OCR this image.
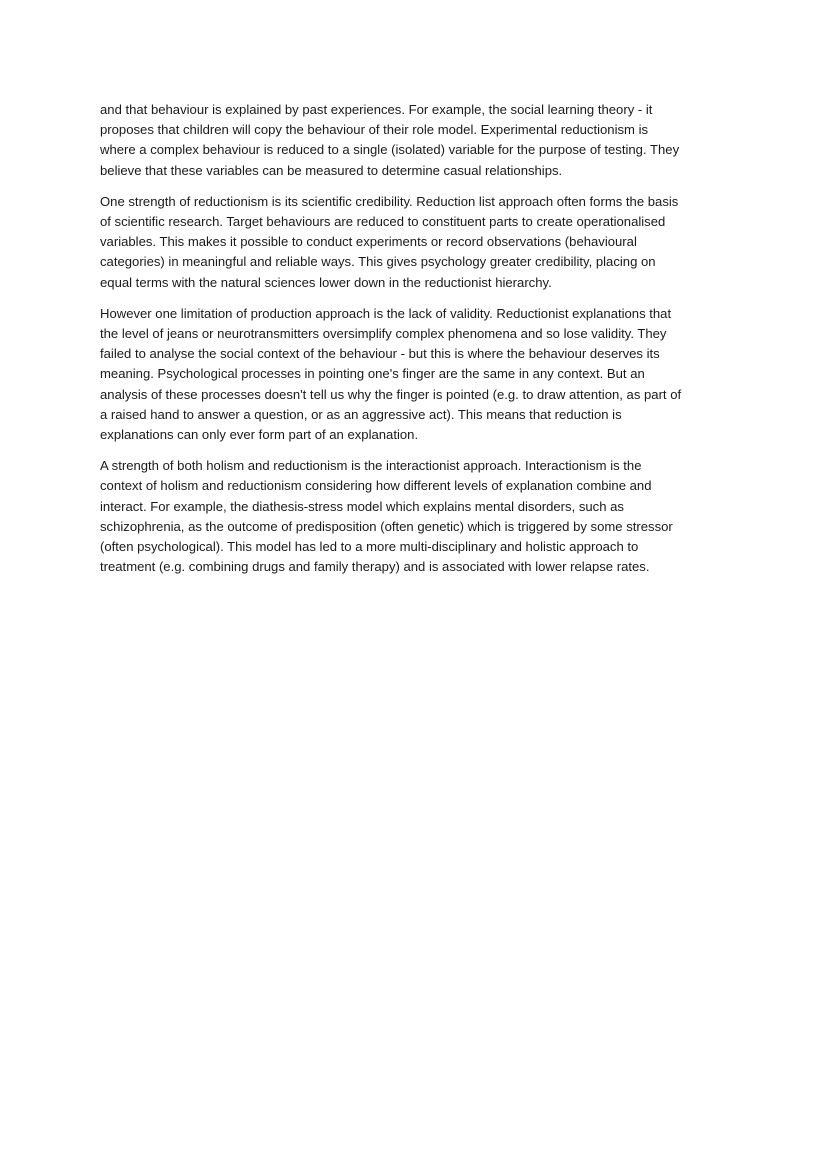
and that behaviour is explained by past experiences. For example, the social learning theory - it
proposes that children will copy the behaviour of their role model. Experimental reductionism is
where a complex behaviour is reduced to a single (isolated) variable for the purpose of testing. They
believe that these variables can be measured to determine casual relationships.

One strength of reductionism is its scientific credibility. Reduction list approach often forms the basis
of scientific research. Target behaviours are reduced to constituent parts to create operationalised
variables. This makes it possible to conduct experiments or record observations (behavioural
categories) in meaningful and reliable ways. This gives psychology greater credibility, placing on
equal terms with the natural sciences lower down in the reductionist hierarchy.

However one limitation of production approach is the lack of validity. Reductionist explanations that
the level of jeans or neurotransmitters oversimplify complex phenomena and so lose validity. They
failed to analyse the social context of the behaviour - but this is where the behaviour deserves its
meaning. Psychological processes in pointing one's finger are the same in any context. But an
analysis of these processes doesn't tell us why the finger is pointed (e.g. to draw attention, as part of
a raised hand to answer a question, or as an aggressive act). This means that reduction is
explanations can only ever form part of an explanation.

A strength of both holism and reductionism is the interactionist approach. Interactionism is the
context of holism and reductionism considering how different levels of explanation combine and
interact. For example, the diathesis-stress model which explains mental disorders, such as
schizophrenia, as the outcome of predisposition (often genetic) which is triggered by some stressor
(often psychological). This model has led to a more multi-disciplinary and holistic approach to
treatment (e.g. combining drugs and family therapy) and is associated with lower relapse rates.
